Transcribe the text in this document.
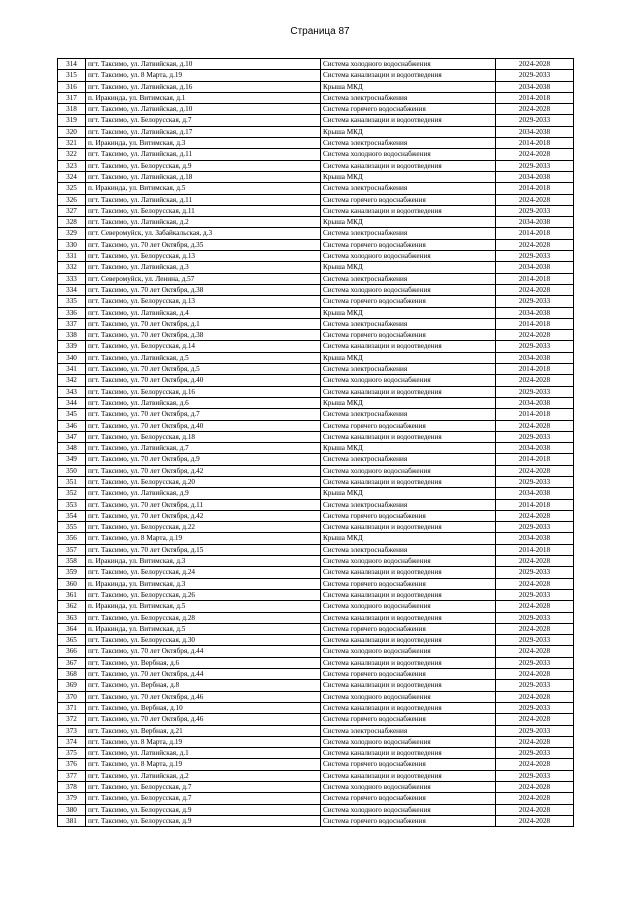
Страница 87
314	пгт. Таксимо, ул. Латвийская, д.10	Система холодного водоснабжения	2024-2028
315	пгт. Таксимо, ул. 8 Марта, д.19	Система канализации и водоотведения	2029-2033
316	пгт. Таксимо, ул. Латвийская, д.16	Крыша МКД	2034-2038
317	п. Иракинда, ул. Витимская, д.1	Система электроснабжения	2014-2018
318	пгт. Таксимо, ул. Латвийская, д.10	Система горячего водоснабжения	2024-2028
319	пгт. Таксимо, ул. Белорусская, д.7	Система канализации и водоотведения	2029-2033
320	пгт. Таксимо, ул. Латвийская, д.17	Крыша МКД	2034-2038
321	п. Иракинда, ул. Витимская, д.3	Система электроснабжения	2014-2018
322	пгт. Таксимо, ул. Латвийская, д.11	Система холодного водоснабжения	2024-2028
323	пгт. Таксимо, ул. Белорусская, д.9	Система канализации и водоотведения	2029-2033
324	пгт. Таксимо, ул. Латвийская, д.18	Крыша МКД	2034-2038
325	п. Иракинда, ул. Витимская, д.5	Система электроснабжения	2014-2018
326	пгт. Таксимо, ул. Латвийская, д.11	Система горячего водоснабжения	2024-2028
327	пгт. Таксимо, ул. Белорусская, д.11	Система канализации и водоотведения	2029-2033
328	пгт. Таксимо, ул. Латвийская, д.2	Крыша МКД	2034-2038
329	пгт. Северомуйск, ул. Забайкальская, д.3	Система электроснабжения	2014-2018
330	пгт. Таксимо, ул. 70 лет Октября, д.35	Система горячего водоснабжения	2024-2028
331	пгт. Таксимо, ул. Белорусская, д.13	Система холодного водоснабжения	2029-2033
332	пгт. Таксимо, ул. Латвийская, д.3	Крыша МКД	2034-2038
333	пгт. Северомуйск, ул. Ленина, д.57	Система электроснабжения	2014-2018
334	пгт. Таксимо, ул. 70 лет Октября, д.38	Система холодного водоснабжения	2024-2028
335	пгт. Таксимо, ул. Белорусская, д.13	Система горячего водоснабжения	2029-2033
336	пгт. Таксимо, ул. Латвийская, д.4	Крыша МКД	2034-2038
337	пгт. Таксимо, ул. 70 лет Октября, д.1	Система электроснабжения	2014-2018
338	пгт. Таксимо, ул. 70 лет Октября, д.38	Система горячего водоснабжения	2024-2028
339	пгт. Таксимо, ул. Белорусская, д.14	Система канализации и водоотведения	2029-2033
340	пгт. Таксимо, ул. Латвийская, д.5	Крыша МКД	2034-2038
341	пгт. Таксимо, ул. 70 лет Октября, д.5	Система электроснабжения	2014-2018
342	пгт. Таксимо, ул. 70 лет Октября, д.40	Система холодного водоснабжения	2024-2028
343	пгт. Таксимо, ул. Белорусская, д.16	Система канализации и водоотведения	2029-2033
344	пгт. Таксимо, ул. Латвийская, д.6	Крыша МКД	2034-2038
345	пгт. Таксимо, ул. 70 лет Октября, д.7	Система электроснабжения	2014-2018
346	пгт. Таксимо, ул. 70 лет Октября, д.40	Система горячего водоснабжения	2024-2028
347	пгт. Таксимо, ул. Белорусская, д.18	Система канализации и водоотведения	2029-2033
348	пгт. Таксимо, ул. Латвийская, д.7	Крыша МКД	2034-2038
349	пгт. Таксимо, ул. 70 лет Октября, д.9	Система электроснабжения	2014-2018
350	пгт. Таксимо, ул. 70 лет Октября, д.42	Система холодного водоснабжения	2024-2028
351	пгт. Таксимо, ул. Белорусская, д.20	Система канализации и водоотведения	2029-2033
352	пгт. Таксимо, ул. Латвийская, д.9	Крыша МКД	2034-2038
353	пгт. Таксимо, ул. 70 лет Октября, д.11	Система электроснабжения	2014-2018
354	пгт. Таксимо, ул. 70 лет Октября, д.42	Система горячего водоснабжения	2024-2028
355	пгт. Таксимо, ул. Белорусская, д.22	Система канализации и водоотведения	2029-2033
356	пгт. Таксимо, ул. 8 Марта, д.19	Крыша МКД	2034-2038
357	пгт. Таксимо, ул. 70 лет Октября, д.15	Система электроснабжения	2014-2018
358	п. Иракинда, ул. Витимская, д.3	Система холодного водоснабжения	2024-2028
359	пгт. Таксимо, ул. Белорусская, д.24	Система канализации и водоотведения	2029-2033
360	п. Иракинда, ул. Витимская, д.3	Система горячего водоснабжения	2024-2028
361	пгт. Таксимо, ул. Белорусская, д.26	Система канализации и водоотведения	2029-2033
362	п. Иракинда, ул. Витимская, д.5	Система холодного водоснабжения	2024-2028
363	пгт. Таксимо, ул. Белорусская, д.28	Система канализации и водоотведения	2029-2033
364	п. Иракинда, ул. Витимская, д.5	Система горячего водоснабжения	2024-2028
365	пгт. Таксимо, ул. Белорусская, д.30	Система канализации и водоотведения	2029-2033
366	пгт. Таксимо, ул. 70 лет Октября, д.44	Система холодного водоснабжения	2024-2028
367	пгт. Таксимо, ул. Вербная, д.6	Система канализации и водоотведения	2029-2033
368	пгт. Таксимо, ул. 70 лет Октября, д.44	Система горячего водоснабжения	2024-2028
369	пгт. Таксимо, ул. Вербная, д.8	Система канализации и водоотведения	2029-2033
370	пгт. Таксимо, ул. 70 лет Октября, д.46	Система холодного водоснабжения	2024-2028
371	пгт. Таксимо, ул. Вербная, д.10	Система канализации и водоотведения	2029-2033
372	пгт. Таксимо, ул. 70 лет Октября, д.46	Система горячего водоснабжения	2024-2028
373	пгт. Таксимо, ул. Вербная, д.21	Система электроснабжения	2029-2033
374	пгт. Таксимо, ул. 8 Марта, д.19	Система холодного водоснабжения	2024-2028
375	пгт. Таксимо, ул. Латвийская, д.1	Система канализации и водоотведения	2029-2033
376	пгт. Таксимо, ул. 8 Марта, д.19	Система горячего водоснабжения	2024-2028
377	пгт. Таксимо, ул. Латвийская, д.2	Система канализации и водоотведения	2029-2033
378	пгт. Таксимо, ул. Белорусская, д.7	Система холодного водоснабжения	2024-2028
379	пгт. Таксимо, ул. Белорусская, д.7	Система горячего водоснабжения	2024-2028
380	пгт. Таксимо, ул. Белорусская, д.9	Система холодного водоснабжения	2024-2028
381	пгт. Таксимо, ул. Белорусская, д.9	Система горячего водоснабжения	2024-2028
